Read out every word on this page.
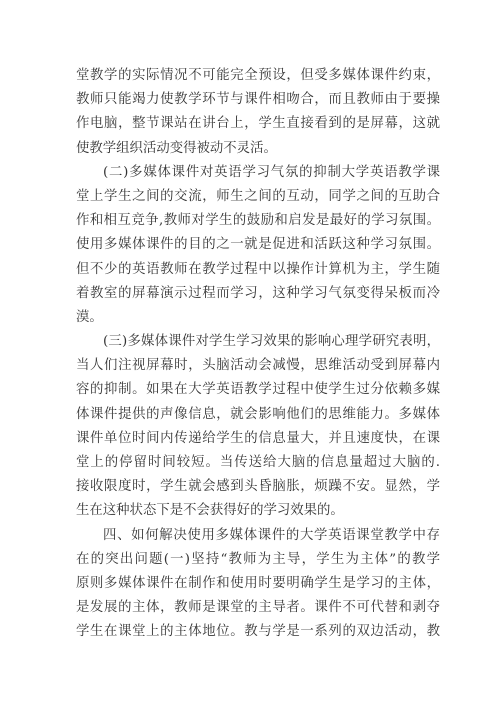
堂教学的实际情况不可能完全预设，但受多媒体课件约束，
教师只能竭力使教学环节与课件相吻合，而且教师由于要操
作电脑，整节课站在讲台上，学生直接看到的是屏幕，这就
使教学组织活动变得被动不灵活。
(二)多媒体课件对英语学习气氛的抑制大学英语教学课
堂上学生之间的交流，师生之间的互动，同学之间的互助合
作和相互竞争,教师对学生的鼓励和启发是最好的学习氛围。
使用多媒体课件的目的之一就是促进和活跃这种学习氛围。
但不少的英语教师在教学过程中以操作计算机为主，学生随
着教室的屏幕演示过程而学习，这种学习气氛变得呆板而冷
漠。
(三)多媒体课件对学生学习效果的影响心理学研究表明，
当人们注视屏幕时，头脑活动会减慢，思维活动受到屏幕内
容的抑制。如果在大学英语教学过程中使学生过分依赖多媒
体课件提供的声像信息，就会影响他们的思维能力。多媒体
课件单位时间内传递给学生的信息量大，并且速度快，在课
堂上的停留时间较短。当传送给大脑的信息量超过大脑的.
接收限度时，学生就会感到头昏脑胀，烦躁不安。显然，学
生在这种状态下是不会获得好的学习效果的。
四、如何解决使用多媒体课件的大学英语课堂教学中存
在的突出问题(一)坚持“教师为主导，学生为主体”的教学
原则多媒体课件在制作和使用时要明确学生是学习的主体，
是发展的主体，教师是课堂的主导者。课件不可代替和剥夺
学生在课堂上的主体地位。教与学是一系列的双边活动，教
